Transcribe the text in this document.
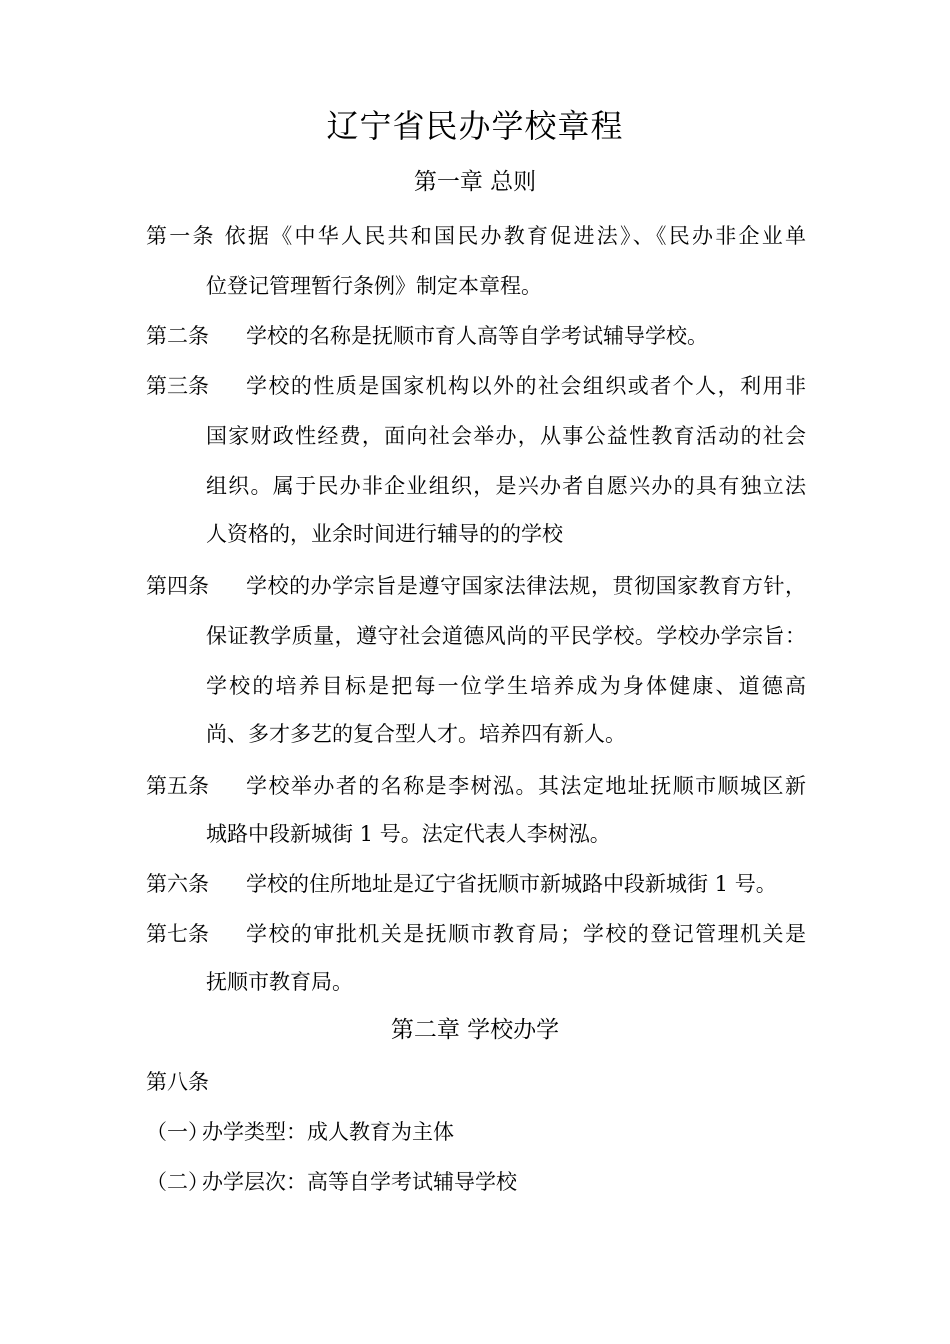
辽宁省民办学校章程
第一章 总则
第一条 依据《中华人民共和国民办教育促进法》、《民办非企业单
位登记管理暂行条例》制定本章程。
第二条 学校的名称是抚顺市育人高等自学考试辅导学校。
第三条 学校的性质是国家机构以外的社会组织或者个人，利用非
国家财政性经费，面向社会举办，从事公益性教育活动的社会
组织。属于民办非企业组织，是兴办者自愿兴办的具有独立法
人资格的，业余时间进行辅导的的学校
第四条 学校的办学宗旨是遵守国家法律法规，贯彻国家教育方针，
保证教学质量，遵守社会道德风尚的平民学校。学校办学宗旨：
学校的培养目标是把每一位学生培养成为身体健康、道德高
尚、多才多艺的复合型人才。培养四有新人。
第五条 学校举办者的名称是李树泓。其法定地址抚顺市顺城区新
城路中段新城街 1 号。法定代表人李树泓。
第六条 学校的住所地址是辽宁省抚顺市新城路中段新城街 1 号。
第七条 学校的审批机关是抚顺市教育局；学校的登记管理机关是
抚顺市教育局。
第二章 学校办学
第八条
（一）
办学类型：成人教育为主体
（二）
办学层次：高等自学考试辅导学校
